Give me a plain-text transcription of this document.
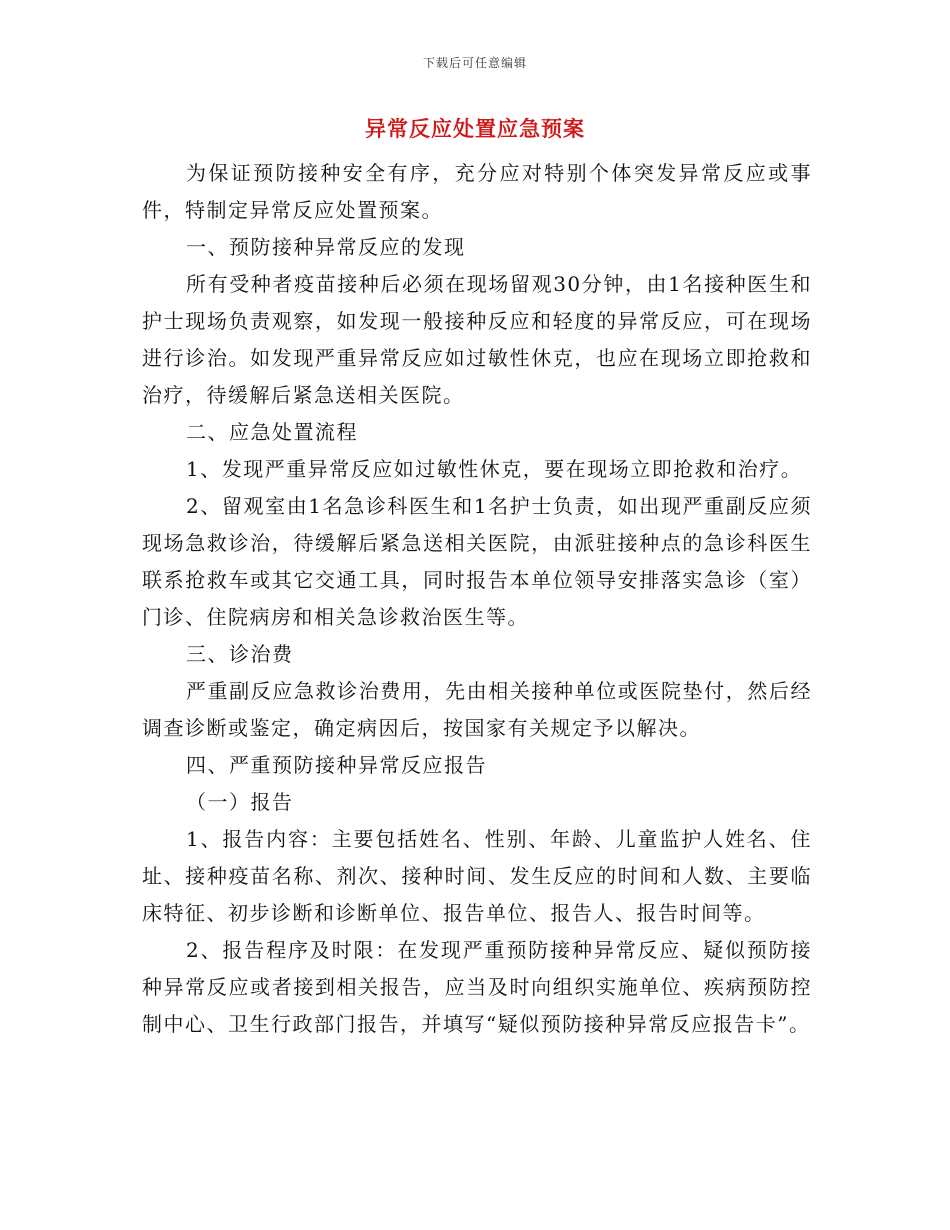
下载后可任意编辑
异常反应处置应急预案

为保证预防接种安全有序，充分应对特别个体突发异常反应或事件，特制定异常反应处置预案。

一、预防接种异常反应的发现

所有受种者疫苗接种后必须在现场留观30分钟，由1名接种医生和护士现场负责观察，如发现一般接种反应和轻度的异常反应，可在现场进行诊治。如发现严重异常反应如过敏性休克，也应在现场立即抢救和治疗，待缓解后紧急送相关医院。

二、应急处置流程

1、发现严重异常反应如过敏性休克，要在现场立即抢救和治疗。

2、留观室由1名急诊科医生和1名护士负责，如出现严重副反应须现场急救诊治，待缓解后紧急送相关医院，由派驻接种点的急诊科医生联系抢救车或其它交通工具，同时报告本单位领导安排落实急诊（室）门诊、住院病房和相关急诊救治医生等。

三、诊治费

严重副反应急救诊治费用，先由相关接种单位或医院垫付，然后经调查诊断或鉴定，确定病因后，按国家有关规定予以解决。

四、严重预防接种异常反应报告

（一）报告

1、报告内容：主要包括姓名、性别、年龄、儿童监护人姓名、住址、接种疫苗名称、剂次、接种时间、发生反应的时间和人数、主要临床特征、初步诊断和诊断单位、报告单位、报告人、报告时间等。

2、报告程序及时限：在发现严重预防接种异常反应、疑似预防接种异常反应或者接到相关报告，应当及时向组织实施单位、疾病预防控制中心、卫生行政部门报告，并填写“疑似预防接种异常反应报告卡”。
